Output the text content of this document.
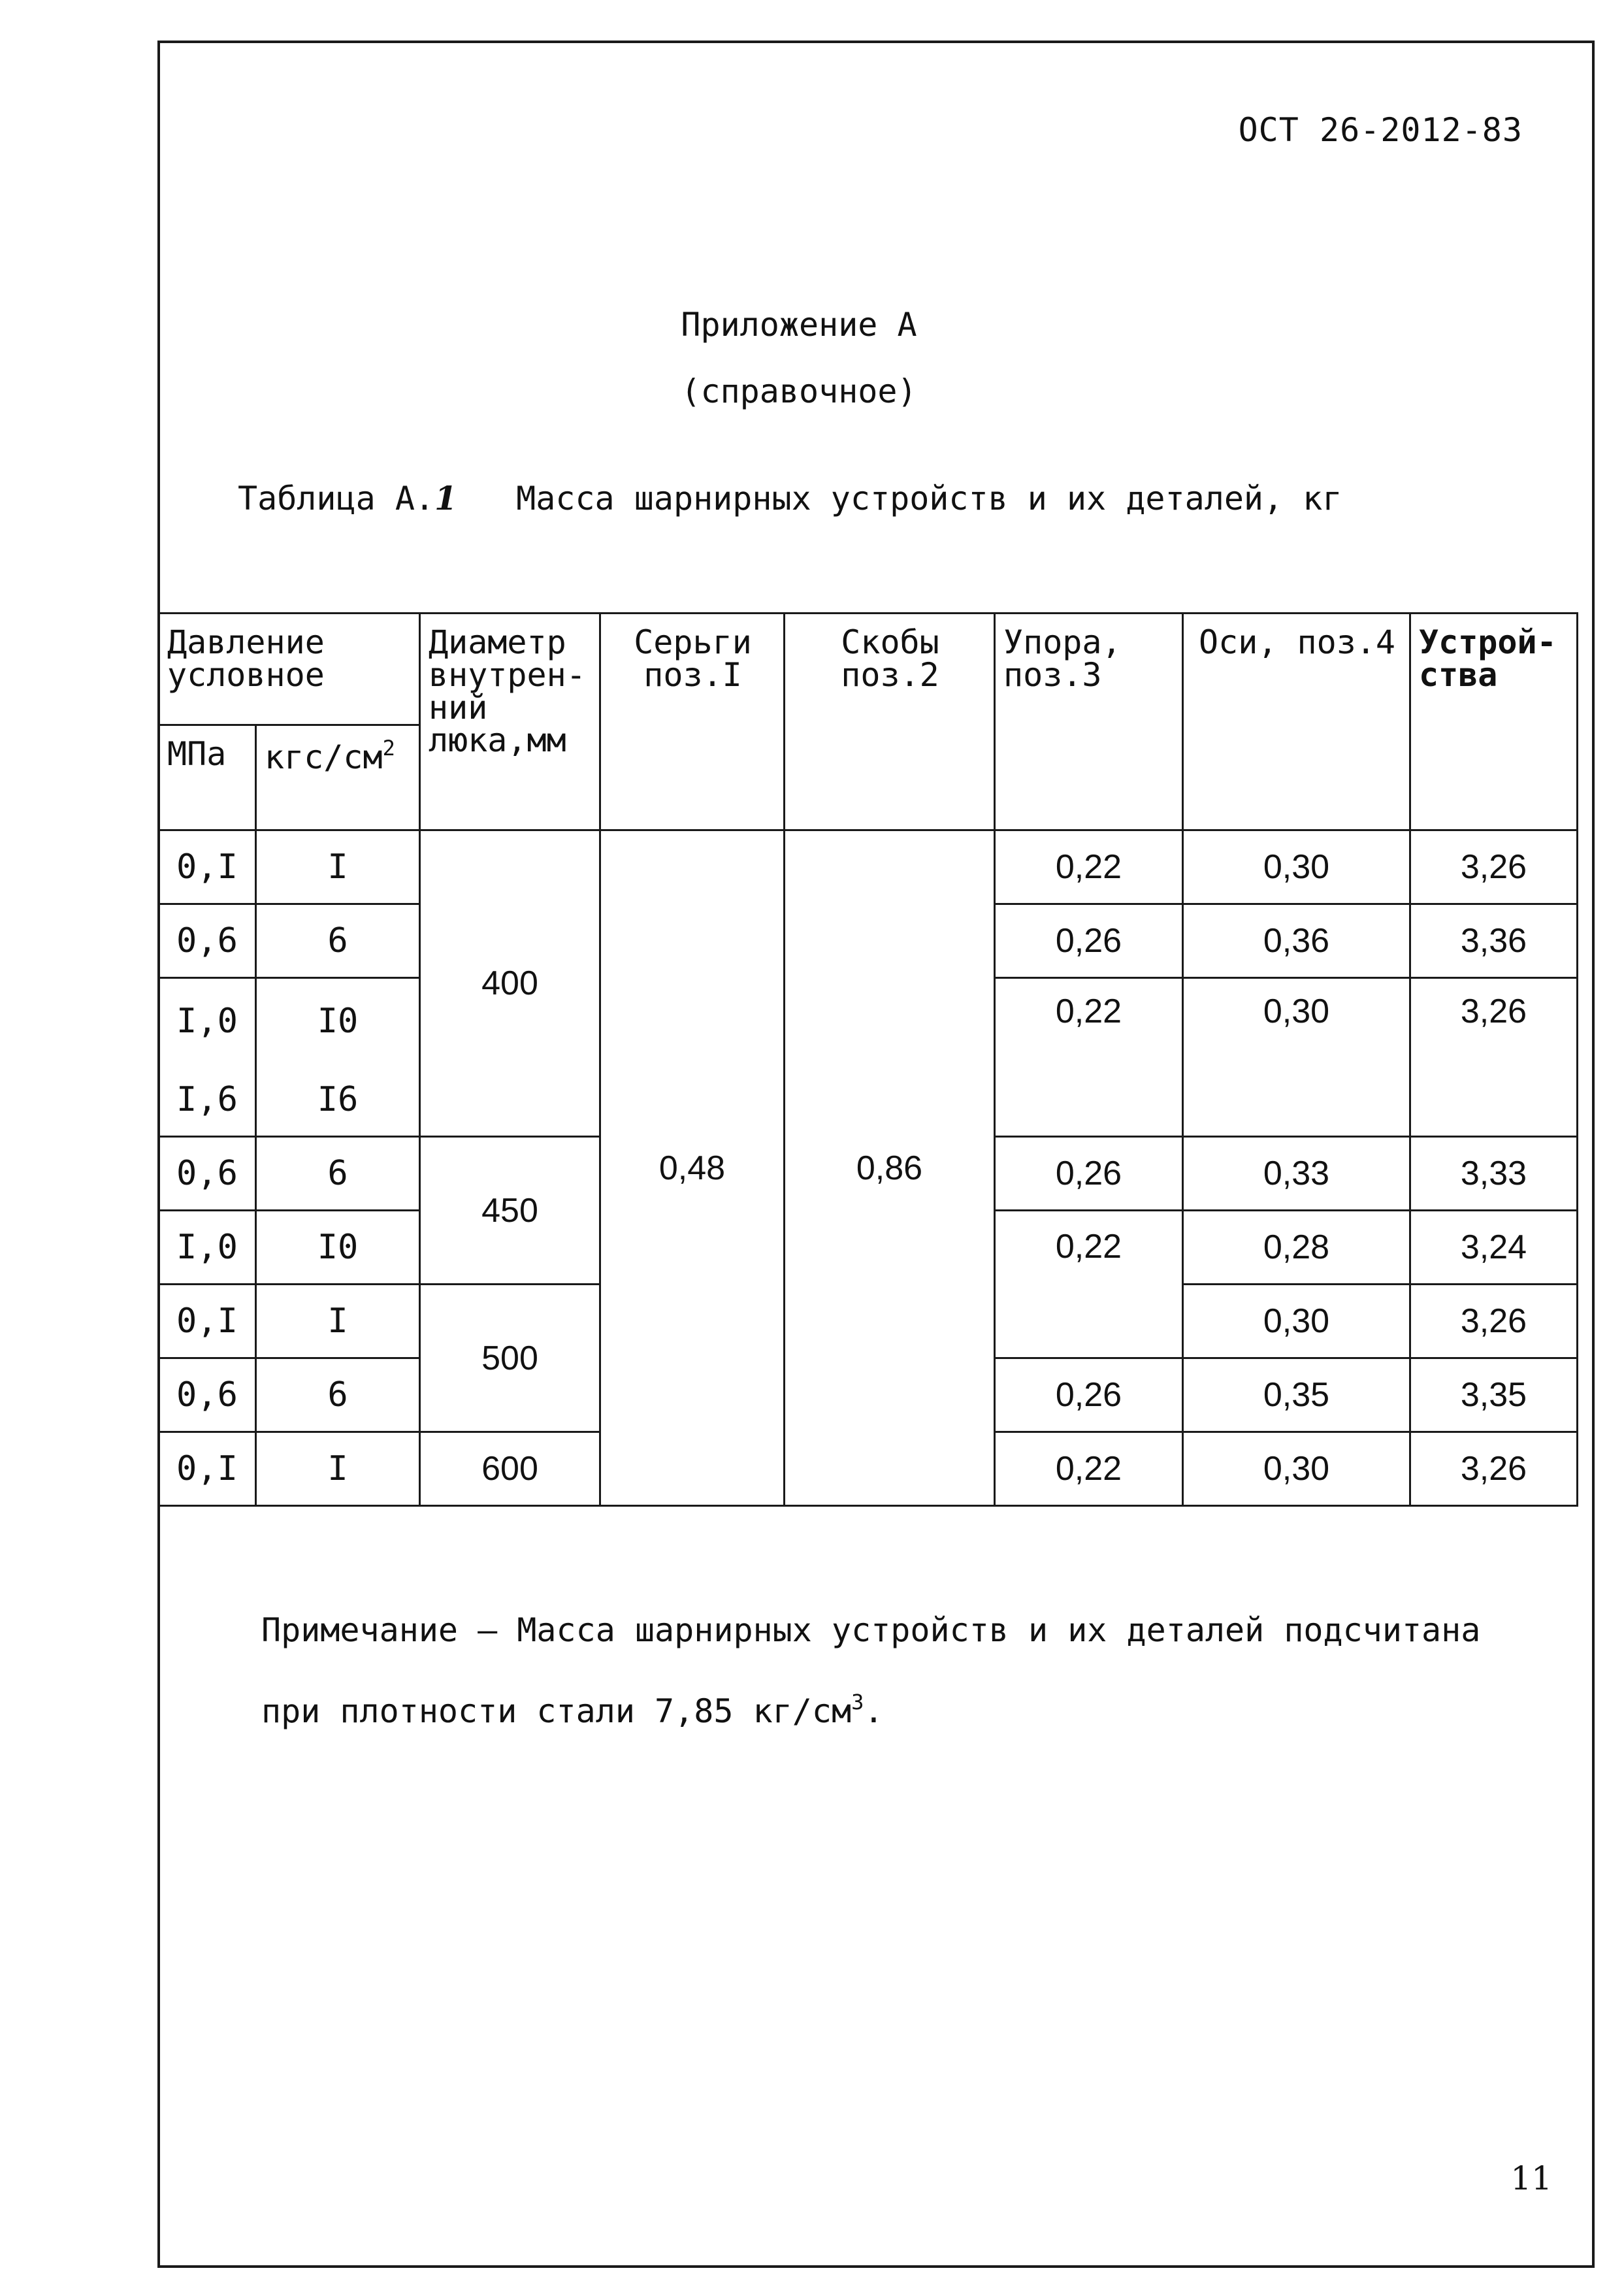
ОСТ 26-2012-83
Приложение А
(справочное)
Таблица А.1 Масса шарнирных устройств и их деталей, кг
Давление условное		Диаметр внутрен-ний люка,мм	Серьги поз.I	Скобы поз.2	Упора, поз.3	Оси, поз.4	Устрой-ства
МПа	кгс/$см^2$
0,I	I	400	0,48	0,86	0,22	0,30	3,26
0,6	6				0,26	0,36	3,36
I,0	I0				0,22	0,30	3,26
I,6	I6						
0,6	6	450			0,26	0,33	3,33
I,0	I0				0,22	0,28	3,24
0,I	I	500				0,30	3,26
0,6	6				0,26	0,35	3,35
0,I	I	600			0,22	0,30	3,26
Примечание – Масса шарнирных устройств и их деталей подсчитана при плотности стали 7,85 $кг/см^3$.
11
